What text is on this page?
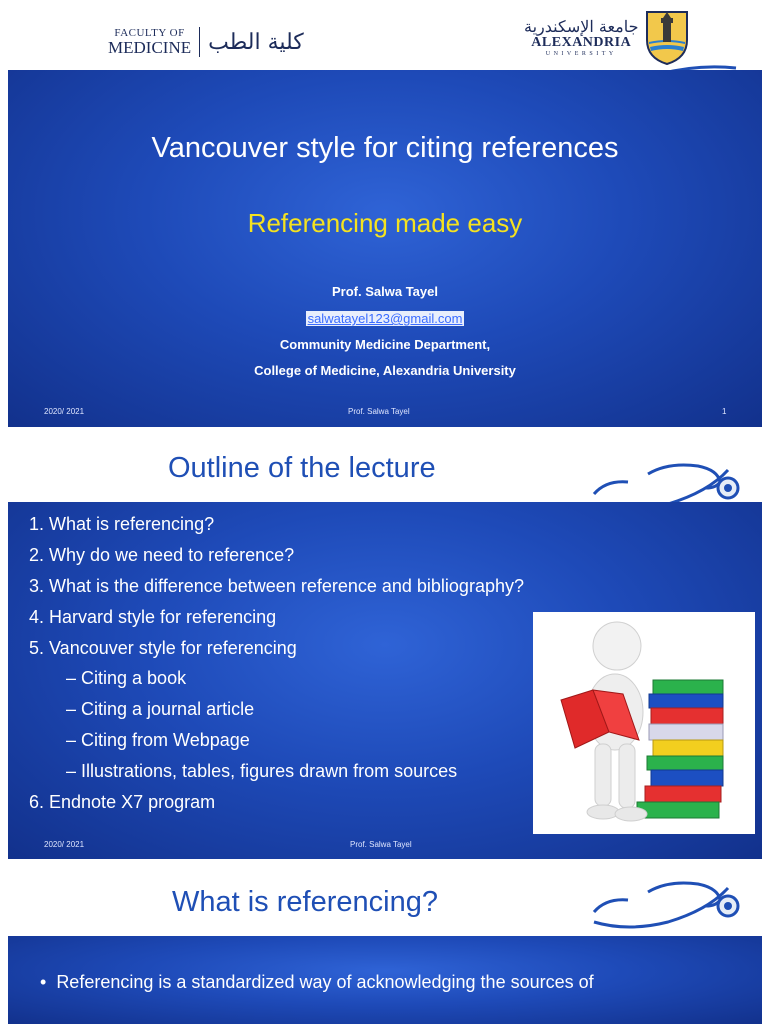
FACULTY OF
MEDICINE كلية الطب
جامعة الإسكندرية
ALEXANDRIA
UNIVERSITY
Vancouver style for citing references
Referencing made easy
Prof. Salwa Tayel
salwatayel123@gmail.com
Community Medicine Department,
College of Medicine, Alexandria University
2020/ 2021	Prof. Salwa Tayel	1
Outline of the lecture
1. What is referencing?
2. Why do we need to reference?
3. What is the difference between reference and bibliography?
4. Harvard style for referencing
5. Vancouver style for referencing
– Citing a book
– Citing a journal article
– Citing from Webpage
– Illustrations, tables, figures drawn from sources
6. Endnote X7 program
2020/ 2021	Prof. Salwa Tayel
What is referencing?
•  Referencing is a standardized way of acknowledging the sources of
